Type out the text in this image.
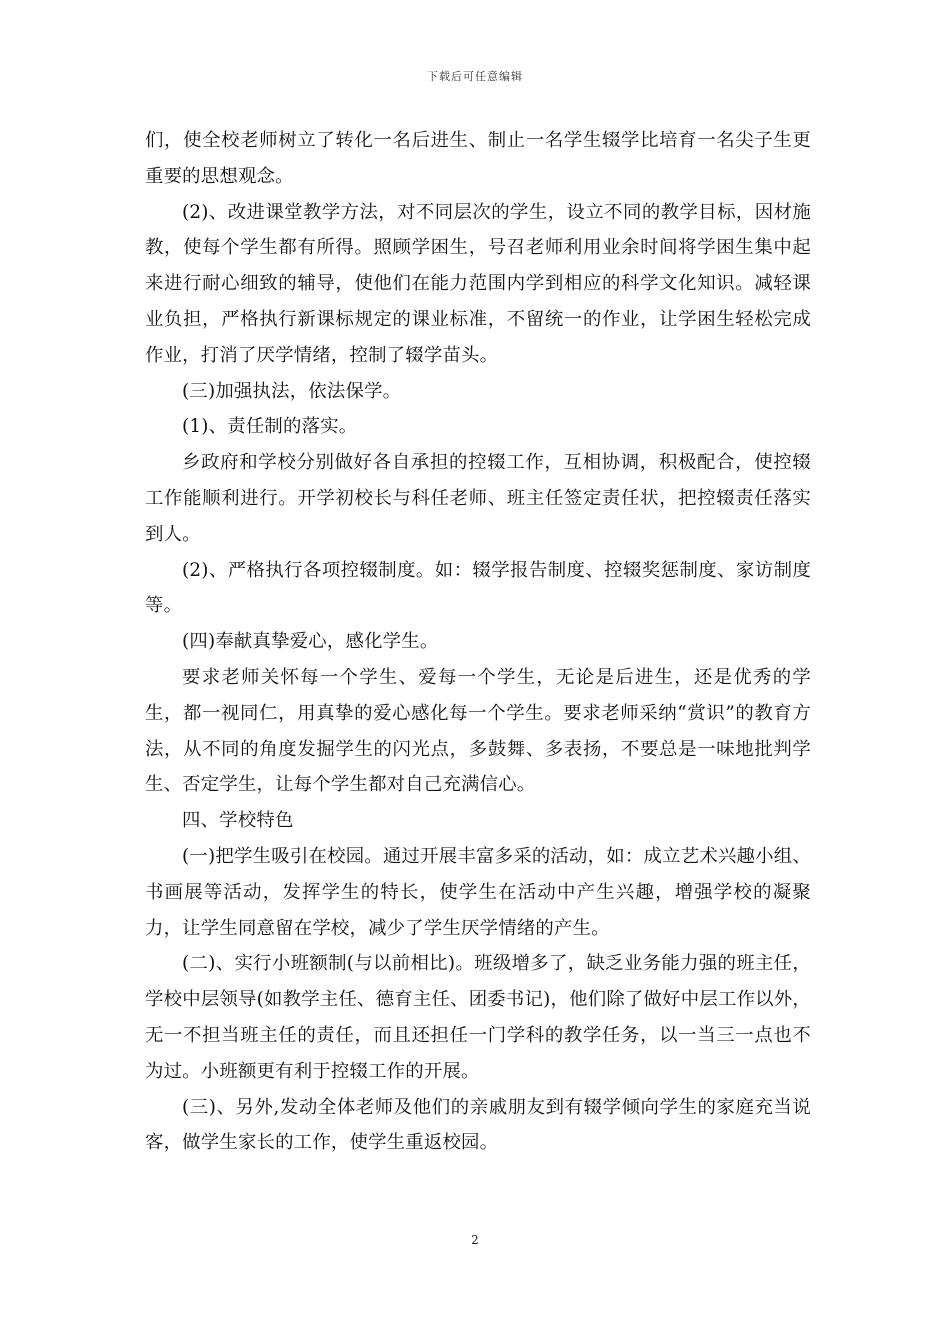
下载后可任意编辑

们，使全校老师树立了转化一名后进生、制止一名学生辍学比培育一名尖子生更重要的思想观念。

(2)、改进课堂教学方法，对不同层次的学生，设立不同的教学目标，因材施教，使每个学生都有所得。照顾学困生，号召老师利用业余时间将学困生集中起来进行耐心细致的辅导，使他们在能力范围内学到相应的科学文化知识。减轻课业负担，严格执行新课标规定的课业标准，不留统一的作业，让学困生轻松完成作业，打消了厌学情绪，控制了辍学苗头。

(三)加强执法，依法保学。

(1)、责任制的落实。

乡政府和学校分别做好各自承担的控辍工作，互相协调，积极配合，使控辍工作能顺利进行。开学初校长与科任老师、班主任签定责任状，把控辍责任落实到人。

(2)、严格执行各项控辍制度。如：辍学报告制度、控辍奖惩制度、家访制度等。

(四)奉献真挚爱心，感化学生。

要求老师关怀每一个学生、爱每一个学生，无论是后进生，还是优秀的学生，都一视同仁，用真挚的爱心感化每一个学生。要求老师采纳“赏识”的教育方法，从不同的角度发掘学生的闪光点，多鼓舞、多表扬，不要总是一味地批判学生、否定学生，让每个学生都对自己充满信心。

四、学校特色

(一)把学生吸引在校园。通过开展丰富多采的活动，如：成立艺术兴趣小组、书画展等活动，发挥学生的特长，使学生在活动中产生兴趣，增强学校的凝聚力，让学生同意留在学校，减少了学生厌学情绪的产生。

(二)、实行小班额制(与以前相比)。班级增多了，缺乏业务能力强的班主任，学校中层领导(如教学主任、德育主任、团委书记)，他们除了做好中层工作以外，无一不担当班主任的责任，而且还担任一门学科的教学任务，以一当三一点也不为过。小班额更有利于控辍工作的开展。

(三)、另外,发动全体老师及他们的亲戚朋友到有辍学倾向学生的家庭充当说客，做学生家长的工作，使学生重返校园。

2
